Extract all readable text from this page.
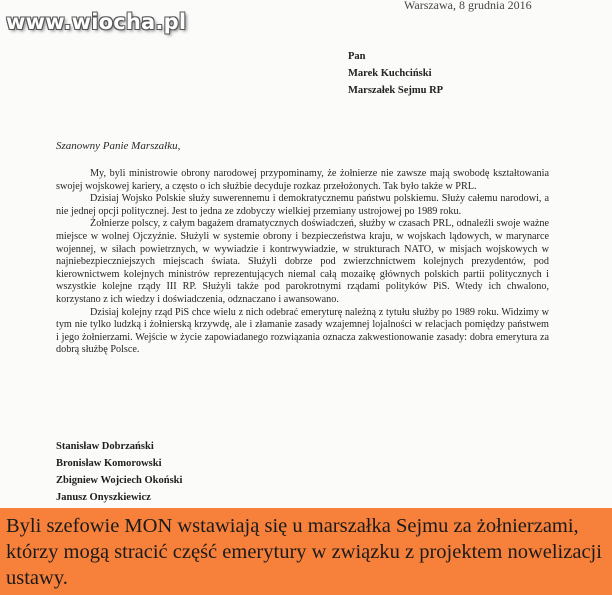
Warszawa, 8 grudnia 2016
Pan
Marek Kuchciński
Marszałek Sejmu RP
Szanowny Panie Marszałku,

My, byli ministrowie obrony narodowej przypominamy, że żołnierze nie zawsze mają swobodę kształtowania swojej wojskowej kariery, a często o ich służbie decyduje rozkaz przełożonych. Tak było także w PRL.

Dzisiaj Wojsko Polskie służy suwerennemu i demokratycznemu państwu polskiemu. Służy całemu narodowi, a nie jednej opcji politycznej. Jest to jedna ze zdobyczy wielkiej przemiany ustrojowej po 1989 roku.

Żołnierze polscy, z całym bagażem dramatycznych doświadczeń, służby w czasach PRL, odnaleźli swoje ważne miejsce w wolnej Ojczyźnie. Służyli w systemie obrony i bezpieczeństwa kraju, w wojskach lądowych, w marynarce wojennej, w siłach powietrznych, w wywiadzie i kontrwywiadzie, w strukturach NATO, w misjach wojskowych w najniebezpieczniejszych miejscach świata. Służyli dobrze pod zwierzchnictwem kolejnych prezydentów, pod kierownictwem kolejnych ministrów reprezentujących niemal całą mozaikę głównych polskich partii politycznych i wszystkie kolejne rządy III RP. Służyli także pod parokrotnymi rządami polityków PiS. Wtedy ich chwalono, korzystano z ich wiedzy i doświadczenia, odznaczano i awansowano.

Dzisiaj kolejny rząd PiS chce wielu z nich odebrać emeryturę należną z tytułu służby po 1989 roku. Widzimy w tym nie tylko ludzką i żołnierską krzywdę, ale i złamanie zasady wzajemnej lojalności w relacjach pomiędzy państwem i jego żołnierzami. Wejście w życie zapowiadanego rozwiązania oznacza zakwestionowanie zasady: dobra emerytura za dobrą służbę Polsce.

Stanisław Dobrzański
Bronisław Komorowski
Zbigniew Wojciech Okoński
Janusz Onyszkiewicz
www.wiocha.pl
Byli szefowie MON wstawiają się u marszałka Sejmu za żołnierzami, którzy mogą stracić część emerytury w związku z projektem nowelizacji ustawy.
